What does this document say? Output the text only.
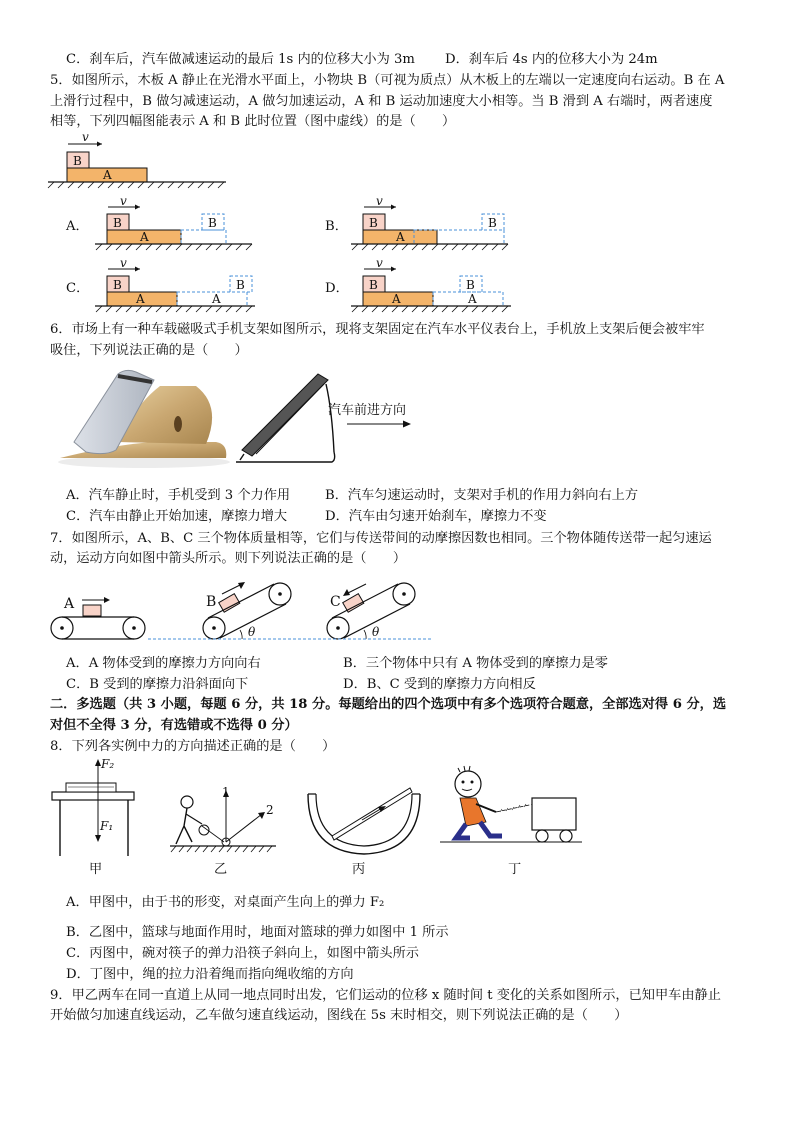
C．刹车后，汽车做减速运动的最后 1s 内的位移大小为 3m D．刹车后 4s 内的位移大小为 24m
5．如图所示，木板 A 静止在光滑水平面上，小物块 B（可视为质点）从木板上的左端以一定速度向右运动。B 在 A
上滑行过程中，B 做匀减速运动，A 做匀加速运动，A 和 B 运动加速度大小相等。当 B 滑到 A 右端时，两者速度
相等，下列四幅图能表示 A 和 B 此时位置（图中虚线）的是（　　）
v
B
A
A．	B．
C．	D．
v
B
A
B
v
B
A
B
v
B
A	A
B
v
B
A	A
B
6．市场上有一种车载磁吸式手机支架如图所示，现将支架固定在汽车水平仪表台上，手机放上支架后便会被牢牢
吸住，下列说法正确的是（　　）
汽车前进方向
A．汽车静止时，手机受到 3 个力作用	B．汽车匀速运动时，支架对手机的作用力斜向右上方
C．汽车由静止开始加速，摩擦力增大	D．汽车由匀速开始刹车，摩擦力不变
7．如图所示，A、B、C 三个物体质量相等，它们与传送带间的动摩擦因数也相同。三个物体随传送带一起匀速运
动，运动方向如图中箭头所示。则下列说法正确的是（　　）
A	B
θ
C
θ
A．A 物体受到的摩擦力方向向右	B．三个物体中只有 A 物体受到的摩擦力是零
C．B 受到的摩擦力沿斜面向下	D．B、C 受到的摩擦力方向相反
二．多选题（共 3 小题，每题 6 分，共 18 分。每题给出的四个选项中有多个选项符合题意，全部选对得 6 分，选
对但不全得 3 分，有选错或不选得 0 分）
8．下列各实例中力的方向描述正确的是（　　）
F₂
F₁
甲
1
2
乙	丙	丁
A．甲图中，由于书的形变，对桌面产生向上的弹力 F₂
B．乙图中，篮球与地面作用时，地面对篮球的弹力如图中 1 所示
C．丙图中，碗对筷子的弹力沿筷子斜向上，如图中箭头所示
D．丁图中，绳的拉力沿着绳而指向绳收缩的方向
9．甲乙两车在同一直道上从同一地点同时出发，它们运动的位移 x 随时间 t 变化的关系如图所示，已知甲车由静止
开始做匀加速直线运动，乙车做匀速直线运动，图线在 5s 末时相交，则下列说法正确的是（　　）
